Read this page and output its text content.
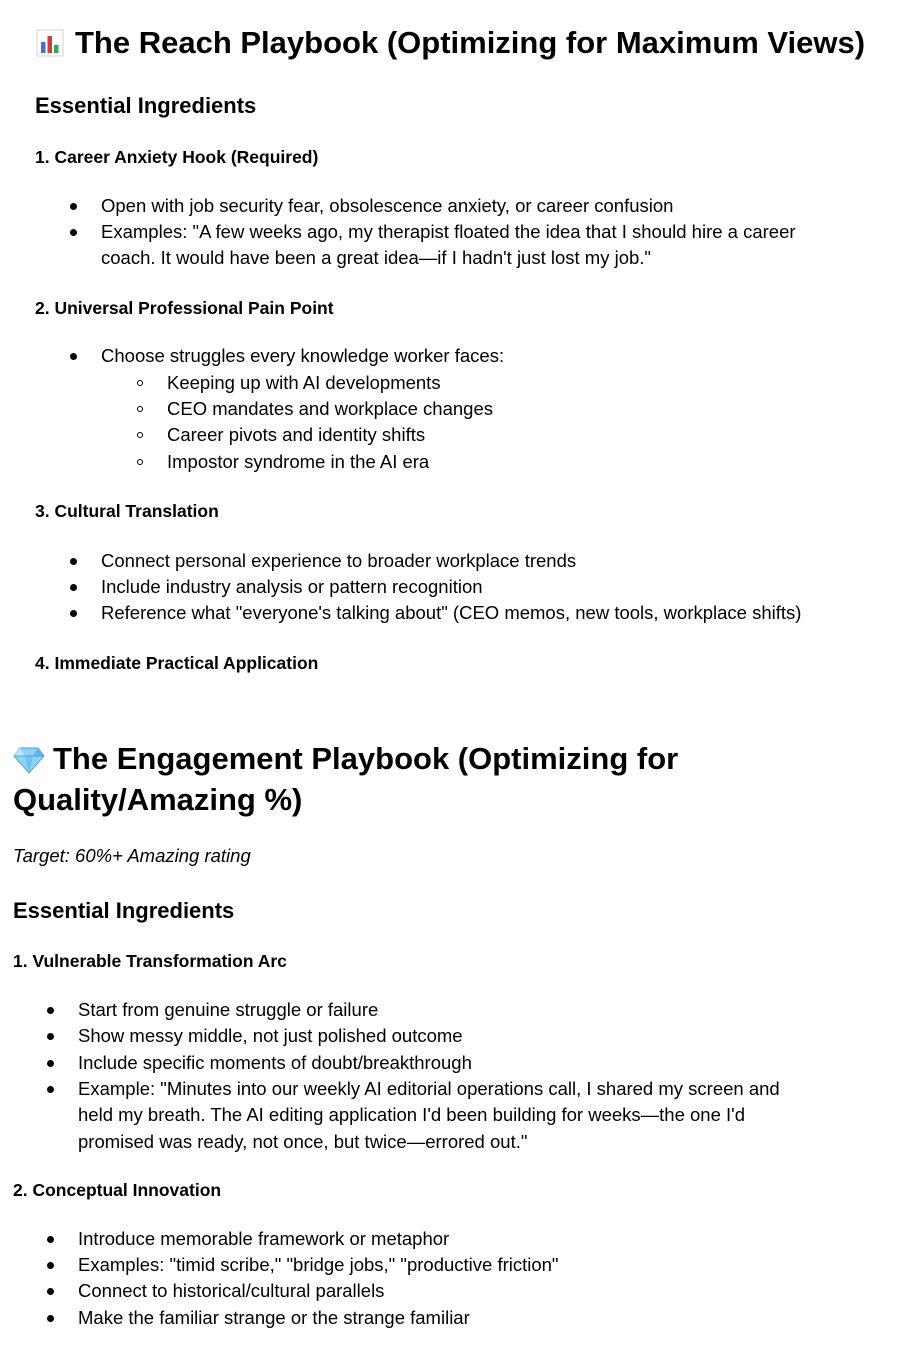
The Reach Playbook (Optimizing for Maximum Views)
Essential Ingredients
1. Career Anxiety Hook (Required)
Open with job security fear, obsolescence anxiety, or career confusion
Examples: "A few weeks ago, my therapist floated the idea that I should hire a career
coach. It would have been a great idea—if I hadn't just lost my job."
2. Universal Professional Pain Point
Choose struggles every knowledge worker faces:
Keeping up with AI developments
CEO mandates and workplace changes
Career pivots and identity shifts
Impostor syndrome in the AI era
3. Cultural Translation
Connect personal experience to broader workplace trends
Include industry analysis or pattern recognition
Reference what "everyone's talking about" (CEO memos, new tools, workplace shifts)
4. Immediate Practical Application
The Engagement Playbook (Optimizing for
Quality/Amazing %)
Target: 60%+ Amazing rating
Essential Ingredients
1. Vulnerable Transformation Arc
Start from genuine struggle or failure
Show messy middle, not just polished outcome
Include specific moments of doubt/breakthrough
Example: "Minutes into our weekly AI editorial operations call, I shared my screen and
held my breath. The AI editing application I'd been building for weeks—the one I'd
promised was ready, not once, but twice—errored out."
2. Conceptual Innovation
Introduce memorable framework or metaphor
Examples: "timid scribe," "bridge jobs," "productive friction"
Connect to historical/cultural parallels
Make the familiar strange or the strange familiar
